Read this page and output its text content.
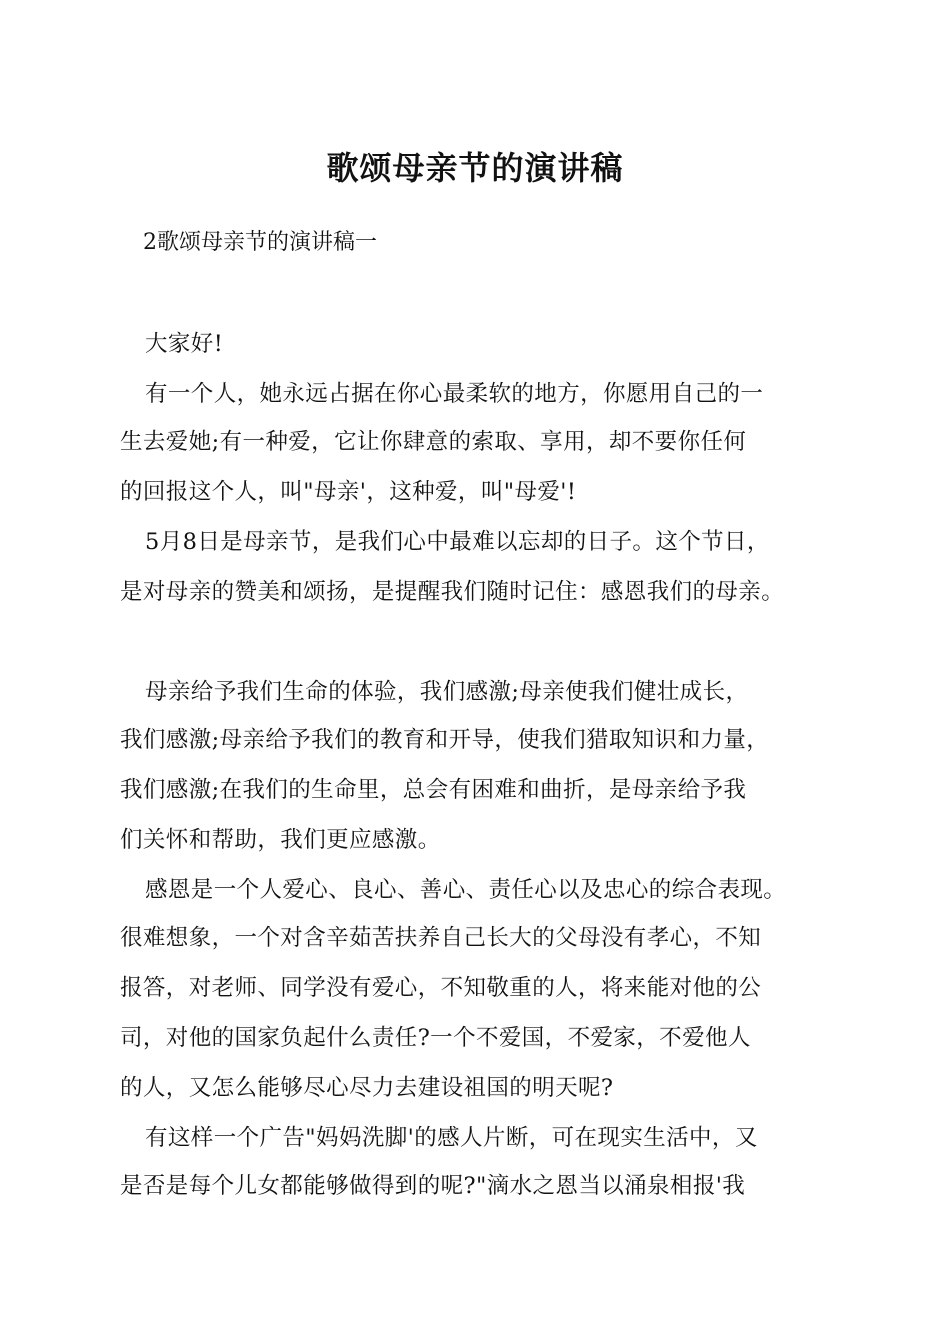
歌颂母亲节的演讲稿
2歌颂母亲节的演讲稿一
大家好!
有一个人，她永远占据在你心最柔软的地方，你愿用自己的一
生去爱她;有一种爱，它让你肆意的索取、享用，却不要你任何
的回报这个人，叫"母亲'，这种爱，叫"母爱'!
5月8日是母亲节，是我们心中最难以忘却的日子。这个节日，
是对母亲的赞美和颂扬，是提醒我们随时记住：感恩我们的母亲。
母亲给予我们生命的体验，我们感激;母亲使我们健壮成长，
我们感激;母亲给予我们的教育和开导，使我们猎取知识和力量，
我们感激;在我们的生命里，总会有困难和曲折，是母亲给予我
们关怀和帮助，我们更应感激。
感恩是一个人爱心、良心、善心、责任心以及忠心的综合表现。
很难想象，一个对含辛茹苦扶养自己长大的父母没有孝心，不知
报答，对老师、同学没有爱心，不知敬重的人，将来能对他的公
司，对他的国家负起什么责任?一个不爱国，不爱家，不爱他人
的人，又怎么能够尽心尽力去建设祖国的明天呢?
有这样一个广告"妈妈洗脚'的感人片断，可在现实生活中，又
是否是每个儿女都能够做得到的呢?"滴水之恩当以涌泉相报'我
